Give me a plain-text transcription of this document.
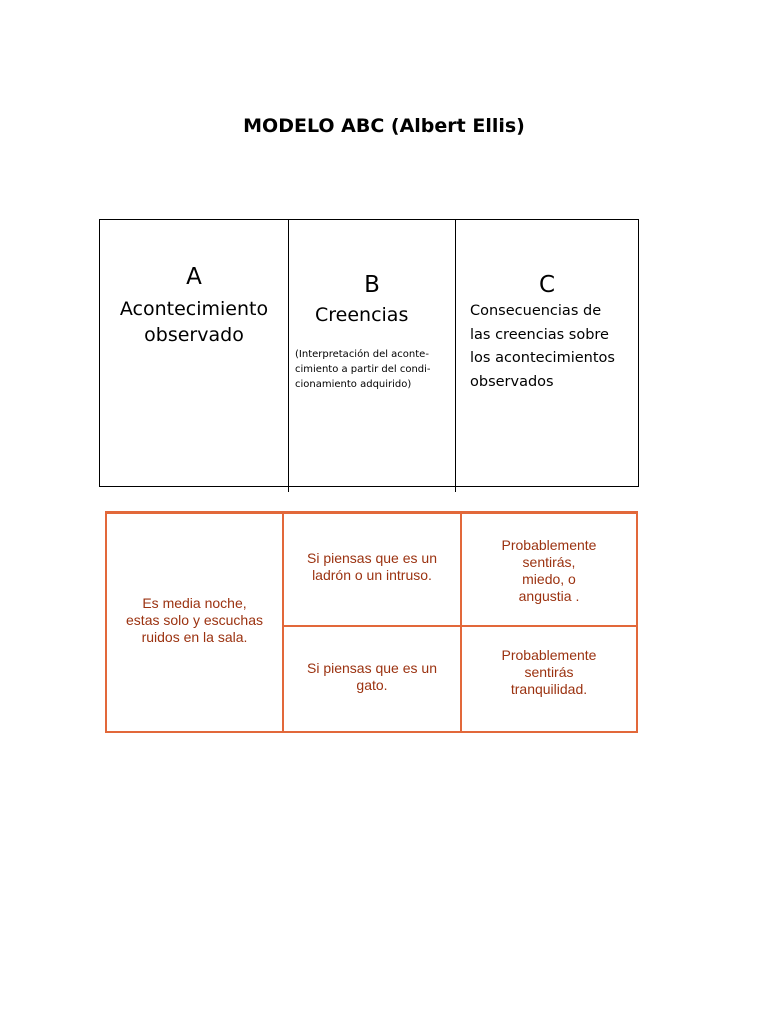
MODELO ABC (Albert Ellis)
A
Acontecimiento
observado
B
Creencias
(Interpretación del aconte-
cimiento a partir del condi-
cionamiento adquirido)
C
Consecuencias de
las creencias sobre
los acontecimientos
observados
Es media noche,
estas solo y escuchas
ruidos en la sala.
Si piensas que es un
ladrón o un intruso.
Probablemente
sentirás,
miedo, o
angustia .
Si piensas que es un
gato.
Probablemente
sentirás
tranquilidad.
